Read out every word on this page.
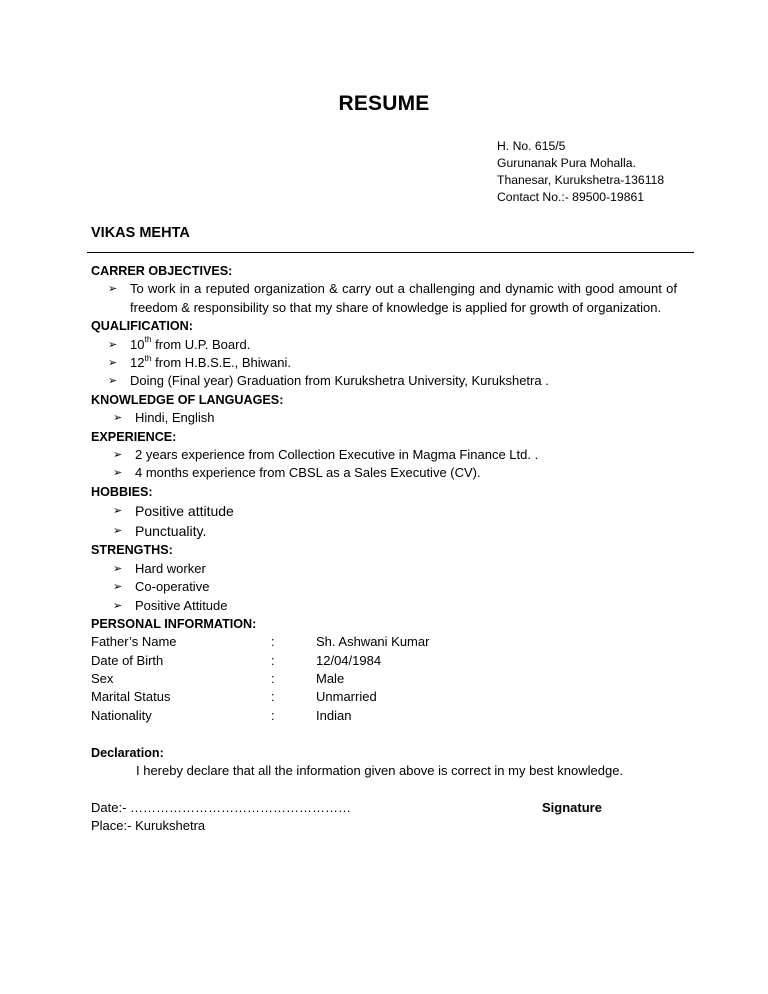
RESUME
H. No. 615/5
Gurunanak Pura Mohalla.
Thanesar, Kurukshetra-136118
Contact No.:- 89500-19861
VIKAS MEHTA
CARRER OBJECTIVES:
➢ To work in a reputed organization & carry out a challenging and dynamic with good amount of freedom & responsibility so that my share of knowledge is applied for growth of organization.
QUALIFICATION:
➢ 10th from U.P. Board.
➢ 12th from H.B.S.E., Bhiwani.
➢ Doing (Final year) Graduation from Kurukshetra University, Kurukshetra .
KNOWLEDGE OF LANGUAGES:
➢ Hindi, English
EXPERIENCE:
➢ 2 years experience from Collection Executive in Magma Finance Ltd. .
➢ 4 months experience from CBSL as a Sales Executive (CV).
HOBBIES:
➢ Positive attitude
➢ Punctuality.
STRENGTHS:
➢ Hard worker
➢ Co-operative
➢ Positive Attitude
PERSONAL INFORMATION:
Father’s Name	:	Sh. Ashwani Kumar
Date of Birth	:	12/04/1984
Sex	:	Male
Marital Status	:	Unmarried
Nationality	:	Indian
Declaration:
I hereby declare that all the information given above is correct in my best knowledge.
Date:- ……………………………………………	Signature
Place:- Kurukshetra
